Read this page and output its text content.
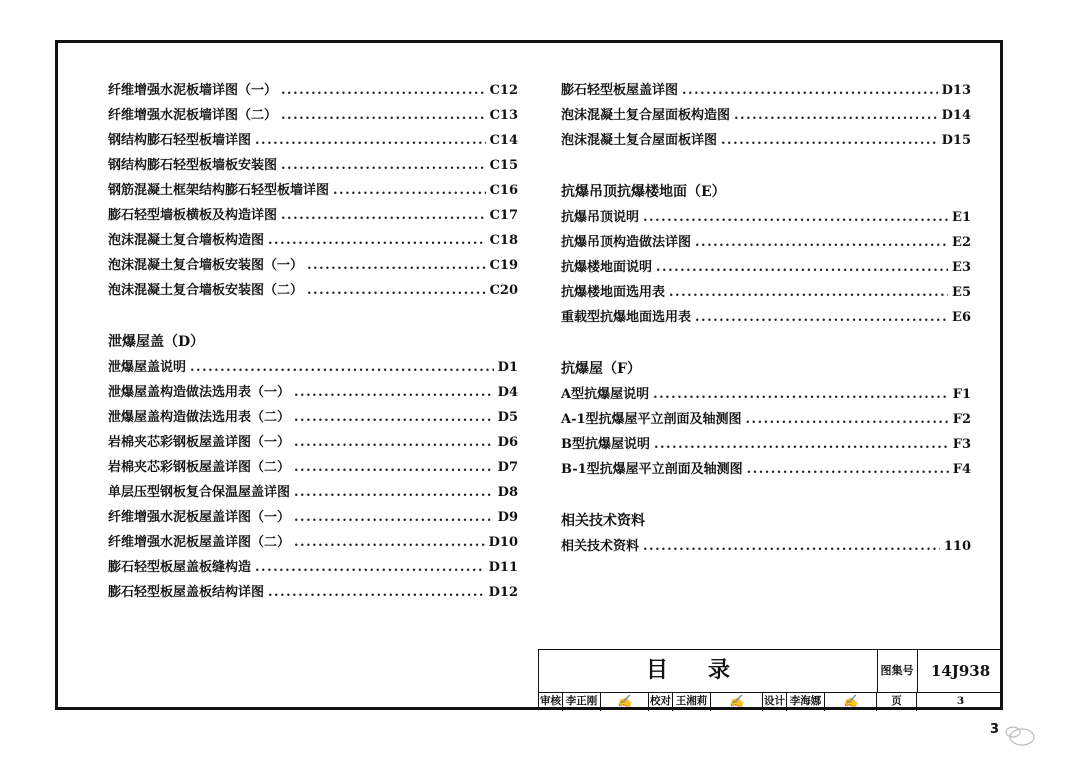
纤维增强水泥板墙详图（一） .....	C12
纤维增强水泥板墙详图（二） .....	C13
钢结构膨石轻型板墙详图 .....	C14
钢结构膨石轻型板墙板安装图 .....	C15
钢筋混凝土框架结构膨石轻型板墙详图 .....	C16
膨石轻型墙板横板及构造详图 .....	C17
泡沫混凝土复合墙板构造图 .....	C18
泡沫混凝土复合墙板安装图（一） .....	C19
泡沫混凝土复合墙板安装图（二） .....	C20
泄爆屋盖（D）
泄爆屋盖说明 .....	D1
泄爆屋盖构造做法选用表（一） .....	D4
泄爆屋盖构造做法选用表（二） .....	D5
岩棉夹芯彩钢板屋盖详图（一） .....	D6
岩棉夹芯彩钢板屋盖详图（二） .....	D7
单层压型钢板复合保温屋盖详图 .....	D8
纤维增强水泥板屋盖详图（一） .....	D9
纤维增强水泥板屋盖详图（二） .....	D10
膨石轻型板屋盖板缝构造 .....	D11
膨石轻型板屋盖板结构详图 .....	D12
膨石轻型板屋盖详图 .....	D13
泡沫混凝土复合屋面板构造图 .....	D14
泡沫混凝土复合屋面板详图 .....	D15
抗爆吊顶抗爆楼地面（E）
抗爆吊顶说明 .....	E1
抗爆吊顶构造做法详图 .....	E2
抗爆楼地面说明 .....	E3
抗爆楼地面选用表 .....	E5
重载型抗爆地面选用表 .....	E6
抗爆屋（F）
A型抗爆屋说明 .....	F1
A-1型抗爆屋平立剖面及轴测图 .....	F2
B型抗爆屋说明 .....	F3
B-1型抗爆屋平立剖面及轴测图 .....	F4
相关技术资料
相关技术资料 .....	110
目录	图集号	14J938
审核 李正刚	✍	校对 王湘莉	✍	设计 李海娜	✍	页	3
3
